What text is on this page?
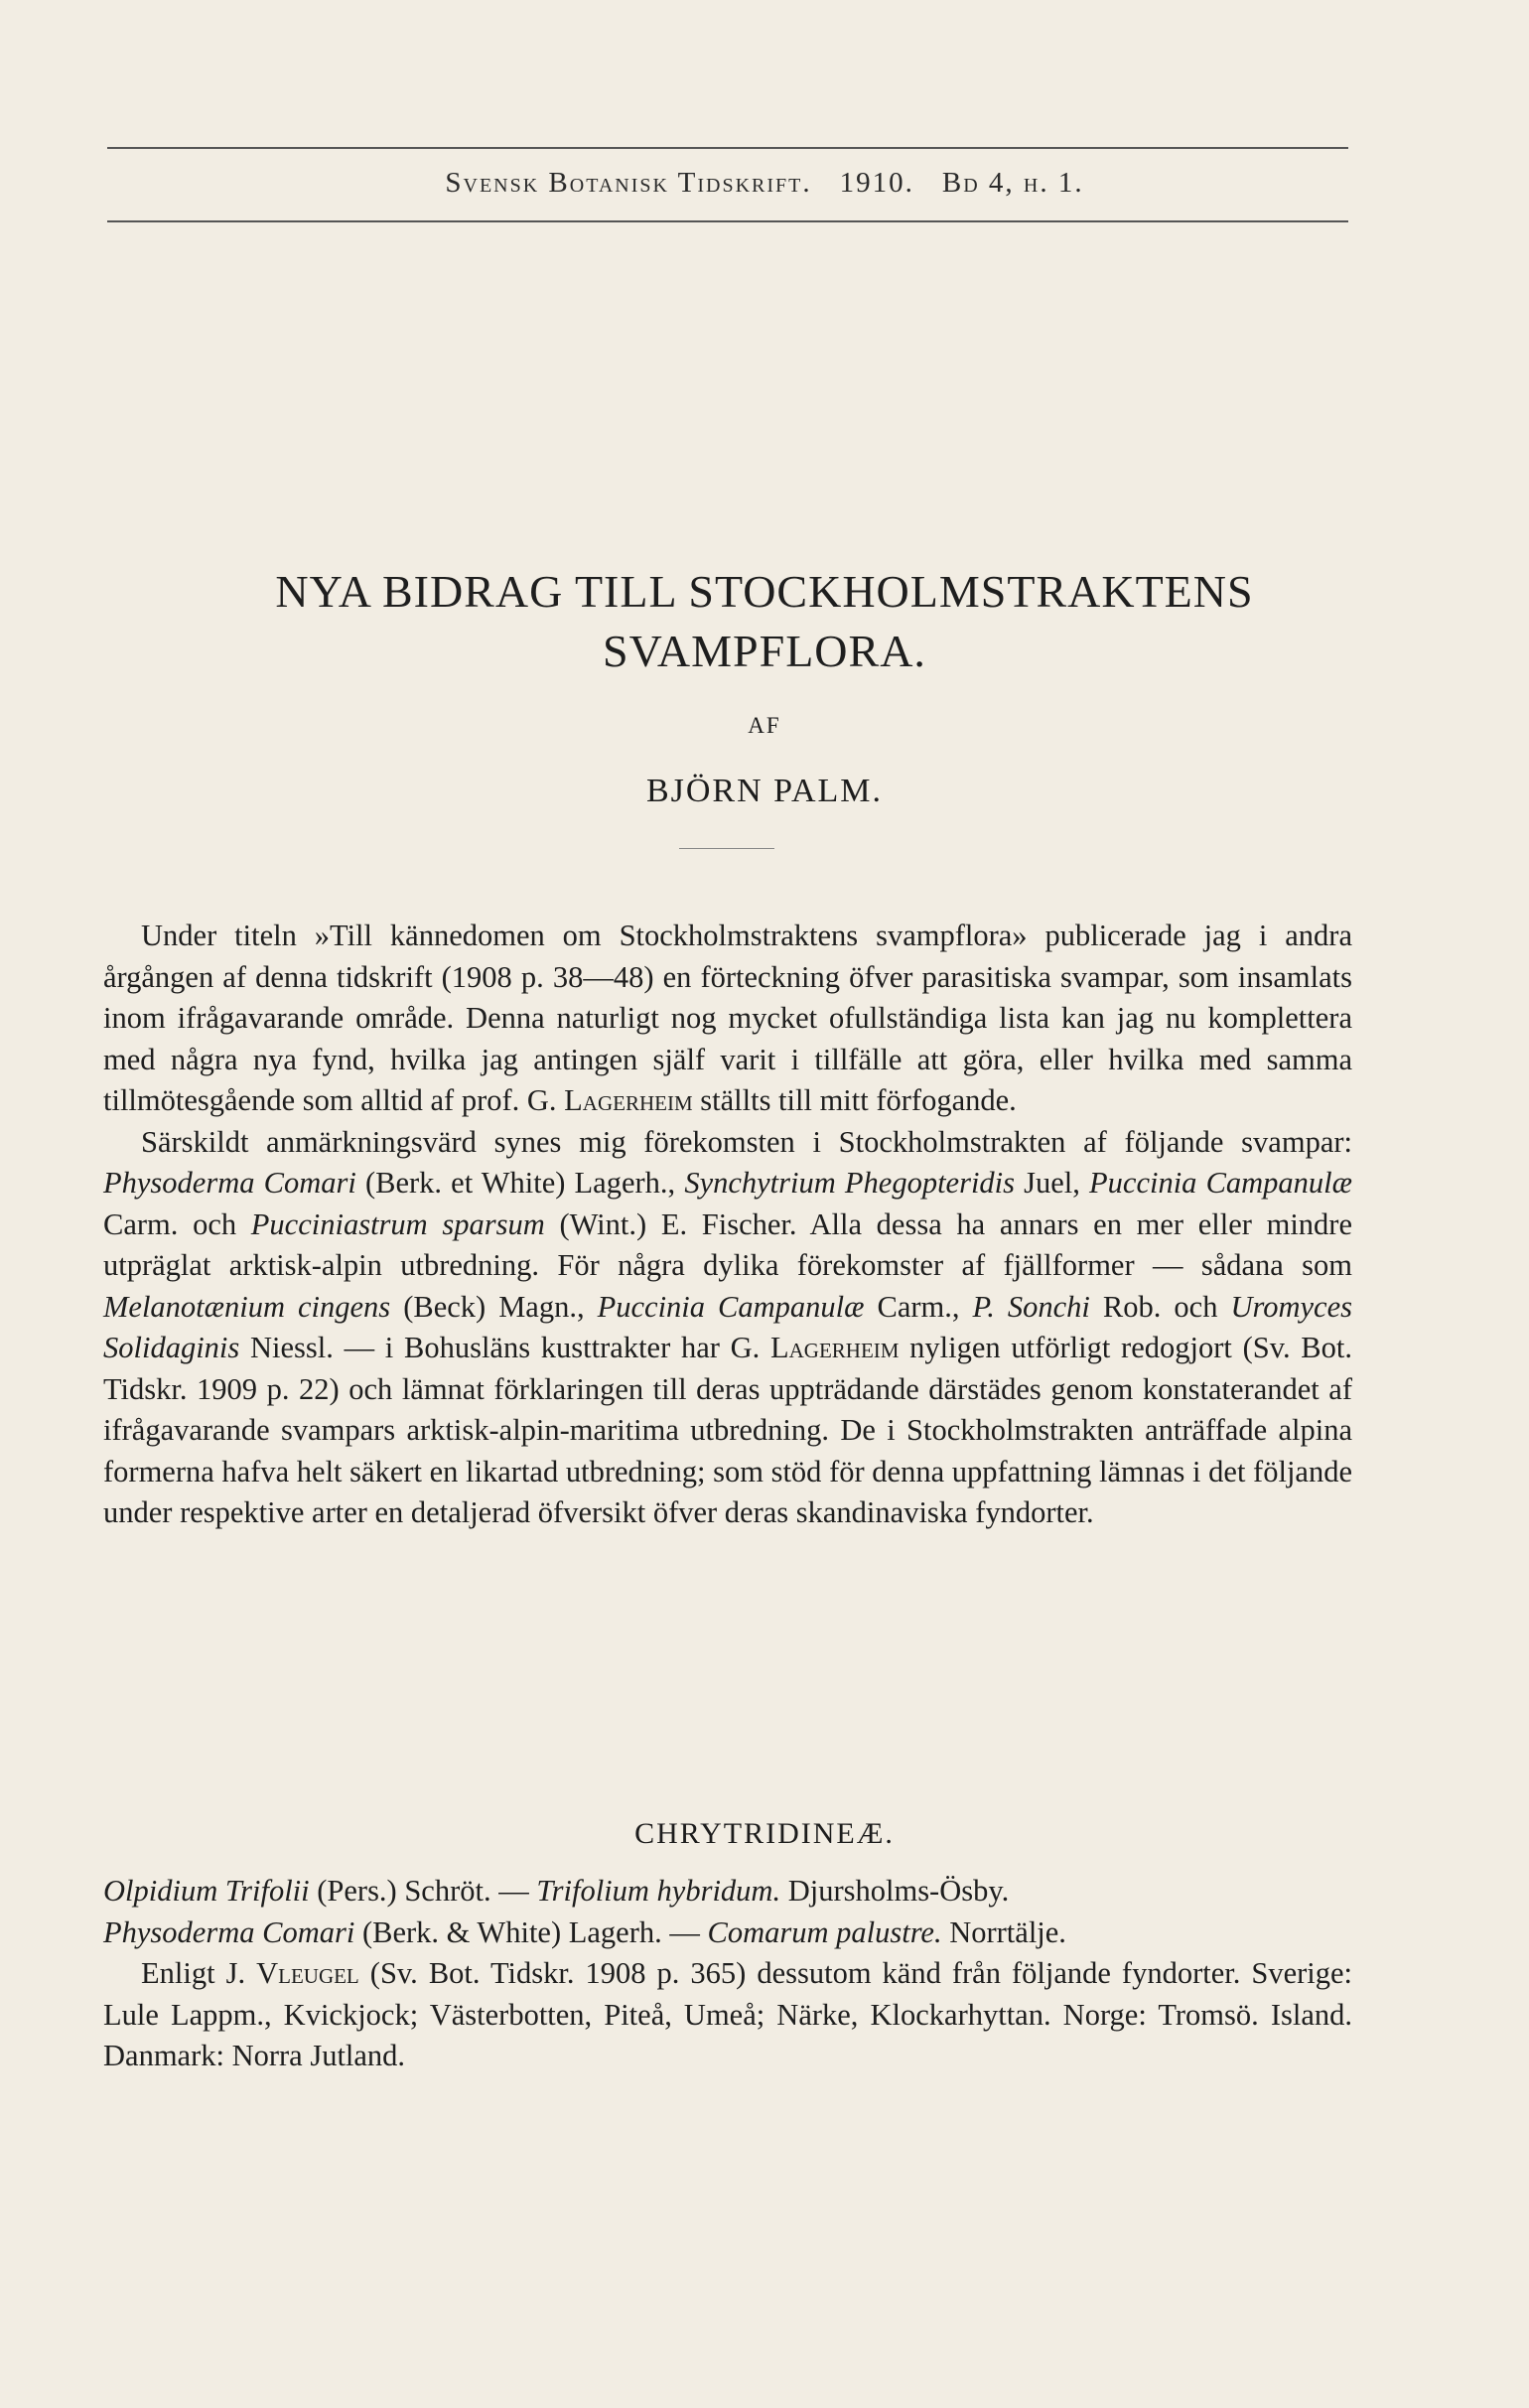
Svensk Botanisk Tidskrift. 1910. Bd 4, h. 1.
NYA BIDRAG TILL STOCKHOLMSTRAKTENS
SVAMPFLORA.
AF
BJÖRN PALM.

Under titeln »Till kännedomen om Stockholmstraktens svampflora» publicerade jag i andra årgången af denna tidskrift (1908 p. 38—48) en förteckning öfver parasitiska svampar, som insamlats inom ifrågavarande område. Denna naturligt nog mycket ofullständiga lista kan jag nu komplettera med några nya fynd, hvilka jag antingen själf varit i tillfälle att göra, eller hvilka med samma tillmötesgående som alltid af prof. G. Lagerheim ställts till mitt förfogande.

Särskildt anmärkningsvärd synes mig förekomsten i Stockholmstrakten af följande svampar: Physoderma Comari (Berk. et White) Lagerh., Synchytrium Phegopteridis Juel, Puccinia Campanulæ Carm. och Pucciniastrum sparsum (Wint.) E. Fischer. Alla dessa ha annars en mer eller mindre utpräglat arktisk-alpin utbredning. För några dylika förekomster af fjällformer — sådana som Melanotænium cingens (Beck) Magn., Puccinia Campanulæ Carm., P. Sonchi Rob. och Uromyces Solidaginis Niessl. — i Bohusläns kusttrakter har G. Lagerheim nyligen utförligt redogjort (Sv. Bot. Tidskr. 1909 p. 22) och lämnat förklaringen till deras uppträdande därstädes genom konstaterandet af ifrågavarande svampars arktisk-alpin-maritima utbredning. De i Stockholmstrakten anträffade alpina formerna hafva helt säkert en likartad utbredning; som stöd för denna uppfattning lämnas i det följande under respektive arter en detaljerad öfversikt öfver deras skandinaviska fyndorter.

CHRYTRIDINEÆ.

Olpidium Trifolii (Pers.) Schröt. — Trifolium hybridum. Djursholms-Ösby.

Physoderma Comari (Berk. & White) Lagerh. — Comarum palustre. Norrtälje.

Enligt J. Vleugel (Sv. Bot. Tidskr. 1908 p. 365) dessutom känd från följande fyndorter. Sverige: Lule Lappm., Kvickjock; Västerbotten, Piteå, Umeå; Närke, Klockarhyttan. Norge: Tromsö. Island. Danmark: Norra Jutland.
